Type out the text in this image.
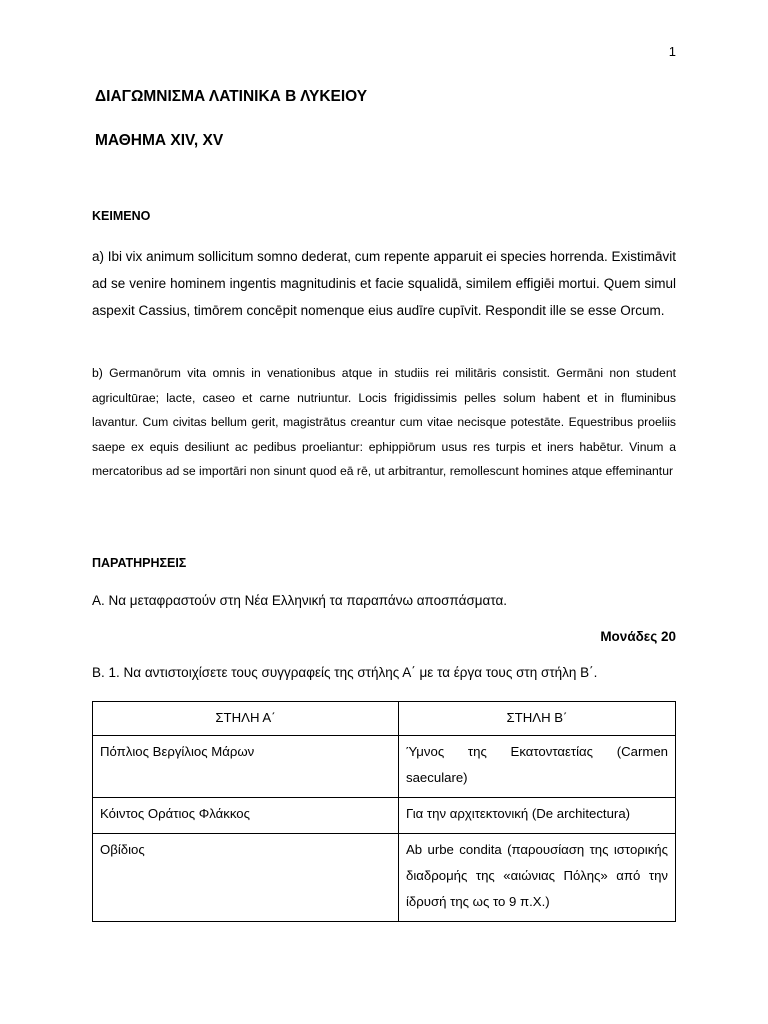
1
ΔΙΑΓΩΜΝΙΣΜΑ ΛΑΤΙΝΙΚΑ Β ΛΥΚΕΙΟΥ
ΜΑΘΗΜΑ XIV, XV
ΚΕΙΜΕΝΟ

a) Ibi vix animum sollicitum somno dederat, cum repente apparuit ei species horrenda. Existimāvit ad se venire hominem ingentis magnitudinis et facie squalidā, similem effigiēi mortui. Quem simul aspexit Cassius, timōrem concēpit nomenque eius audīre cupīvit. Respondit ille se esse Orcum.

b) Germanōrum vita omnis in venationibus atque in studiis rei militāris consistit. Germāni non student agricultūrae; lacte, caseo et carne nutriuntur. Locis frigidissimis pelles solum habent et in fluminibus lavantur. Cum civitas bellum gerit, magistrātus creantur cum vitae necisque potestāte. Equestribus proeliis saepe ex equis desiliunt ac pedibus proeliantur: ephippiōrum usus res turpis et iners habētur. Vinum a mercatoribus ad se importāri non sinunt quod eā rē, ut arbitrantur, remollescunt homines atque effeminantur

ΠΑΡΑΤΗΡΗΣΕΙΣ
Α. Να μεταφραστούν στη Νέα Ελληνική τα παραπάνω αποσπάσματα.
Μονάδες 20
Β. 1. Να αντιστοιχίσετε τους συγγραφείς της στήλης Α΄ με τα έργα τους στη στήλη Β΄.
ΣΤΗΛΗ Α΄	ΣΤΗΛΗ Β΄
Πόπλιος Βεργίλιος Μάρων	Ύμνος της Εκατονταετίας (Carmen saeculare)
Κόιντος Οράτιος Φλάκκος	Για την αρχιτεκτονική (De architectura)
Οβίδιος	Ab urbe condita (παρουσίαση της ιστορικής διαδρομής της «αιώνιας Πόλης» από την ίδρυσή της ως το 9 π.Χ.)
